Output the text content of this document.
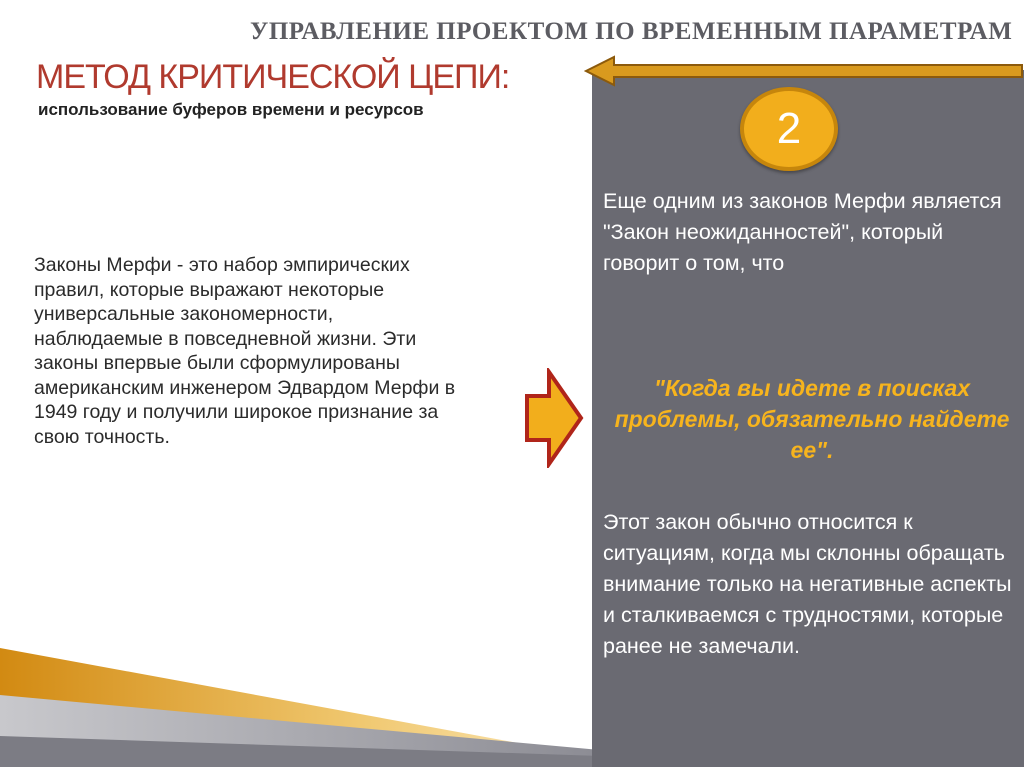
УПРАВЛЕНИЕ ПРОЕКТОМ ПО ВРЕМЕННЫМ ПАРАМЕТРАМ
МЕТОД КРИТИЧЕСКОЙ ЦЕПИ:
использование буферов времени и ресурсов	2

Еще одним из законов Мерфи является "Закон неожиданностей", который говорит о том, что

"Когда вы идете в поисках проблемы, обязательно найдете ее".

Этот закон обычно относится к ситуациям, когда мы склонны обращать внимание только на негативные аспекты и сталкиваемся с трудностями, которые ранее не замечали.

Законы Мерфи - это набор эмпирических правил, которые выражают некоторые универсальные закономерности, наблюдаемые в повседневной жизни. Эти законы впервые были сформулированы американским инженером Эдвардом Мерфи в 1949 году и получили широкое признание за свою точность.
